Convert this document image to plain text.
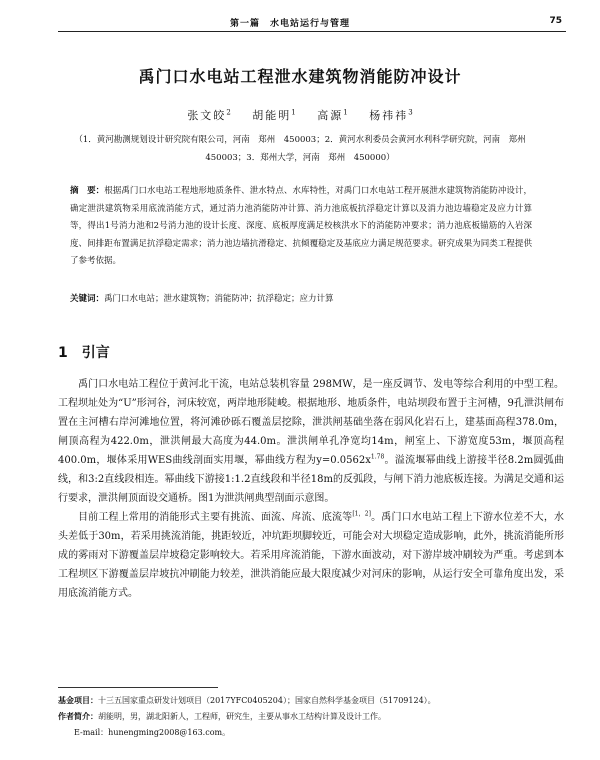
第一篇　水电站运行与管理	75
禹门口水电站工程泄水建筑物消能防冲设计
张文皎$^2$ 胡能明$^1$ 高源$^1$ 杨祎祎$^3$
（1．黄河勘测规划设计研究院有限公司，河南　郑州　450003；2．黄河水利委员会黄河水利科学研究院，河南　郑州　450003；3．郑州大学，河南　郑州　450000）
摘　要：根据禹门口水电站工程地形地质条件、泄水特点、水库特性，对禹门口水电站工程开展泄水建筑物消能防冲设计，确定泄洪建筑物采用底流消能方式，通过消力池消能防冲计算、消力池底板抗浮稳定计算以及消力池边墙稳定及应力计算等，得出1号消力池和2号消力池的设计长度、深度、底板厚度满足校核洪水下的消能防冲要求；消力池底板锚筋的入岩深度、间排距布置满足抗浮稳定需求；消力池边墙抗滑稳定、抗倾覆稳定及基底应力满足规范要求。研究成果为同类工程提供了参考依据。
关键词：禹门口水电站；泄水建筑物；消能防冲；抗浮稳定；应力计算
1 引言

禹门口水电站工程位于黄河北干流，电站总装机容量 298MW，是一座反调节、发电等综合利用的中型工程。工程坝址处为“U”形河谷，河床较宽，两岸地形陡峻。根据地形、地质条件，电站坝段布置于主河槽，9孔泄洪闸布置在主河槽右岸河滩地位置，将河滩砂砾石覆盖层挖除，泄洪闸基础坐落在弱风化岩石上，建基面高程378.0m，闸顶高程为422.0m，泄洪闸最大高度为44.0m。泄洪闸单孔净宽均14m，闸室上、下游宽度53m，堰顶高程400.0m，堰体采用WES曲线剖面实用堰，幂曲线方程为$y=0.0562x^{1.78}$。溢流堰幂曲线上游接半径8.2m圆弧曲线，和3:2直线段相连。幂曲线下游接1:1.2直线段和半径18m的反弧段，与闸下消力池底板连接。为满足交通和运行要求，泄洪闸顶面设交通桥。图1为泄洪闸典型剖面示意图。

目前工程上常用的消能形式主要有挑流、面流、戽流、底流等[1，2]。禹门口水电站工程上下游水位差不大，水头差低于30m，若采用挑流消能，挑距较近，冲坑距坝脚较近，可能会对大坝稳定造成影响，此外，挑流消能所形成的雾雨对下游覆盖层岸坡稳定影响较大。若采用戽流消能，下游水面波动，对下游岸坡冲刷较为严重。考虑到本工程坝区下游覆盖层岸坡抗冲刷能力较差，泄洪消能应最大限度减少对河床的影响，从运行安全可靠角度出发，采用底流消能方式。

基金项目：十三五国家重点研发计划项目（2017YFC0405204）；国家自然科学基金项目（51709124）。
作者简介：胡能明，男，湖北阳新人，工程师，研究生，主要从事水工结构计算及设计工作。
E-mail：hunengming2008@163.com。
